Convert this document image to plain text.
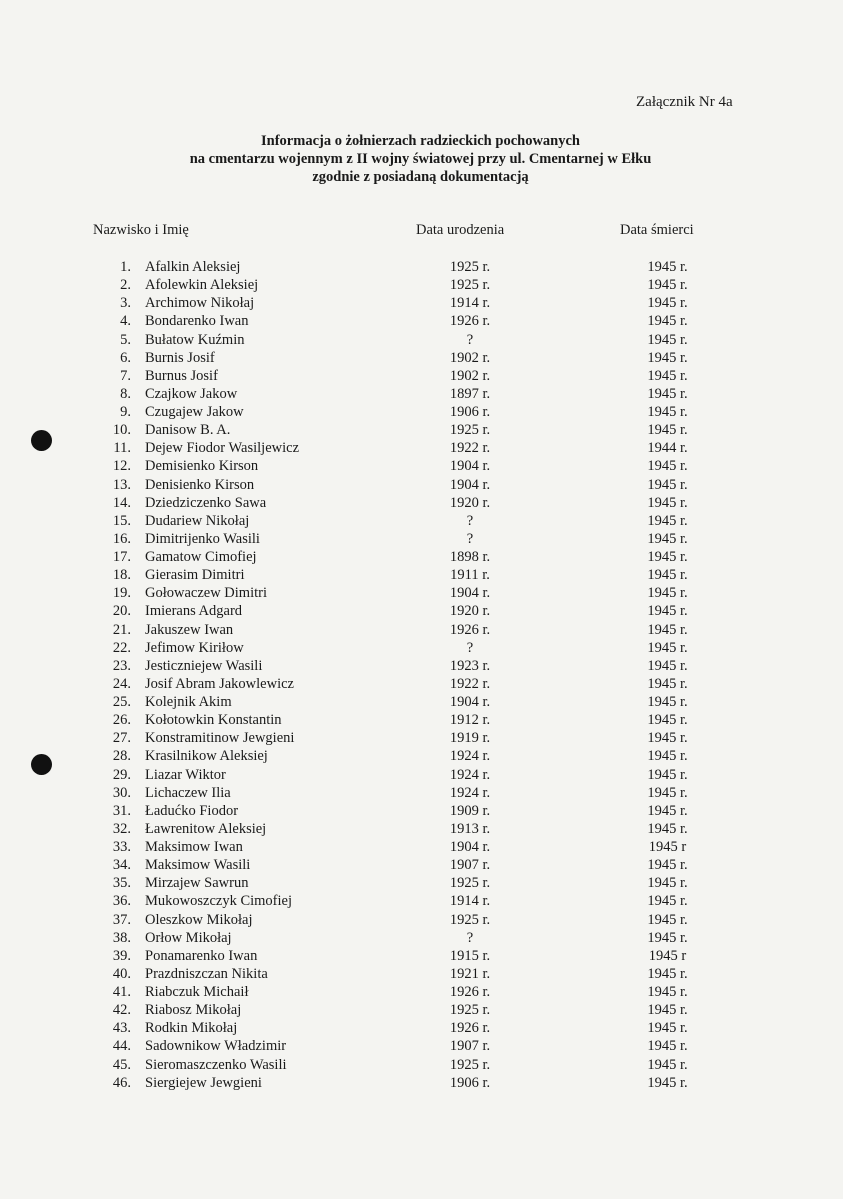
Załącznik Nr 4a
Informacja o żołnierzach radzieckich pochowanych
na cmentarzu wojennym z II wojny światowej przy ul. Cmentarnej w Ełku
zgodnie z posiadaną dokumentacją
Nazwisko i Imię	Data urodzenia	Data śmierci
1. Afalkin Aleksiej	1925 r.	1945 r.
2. Afolewkin Aleksiej	1925 r.	1945 r.
3. Archimow Nikołaj	1914 r.	1945 r.
4. Bondarenko Iwan	1926 r.	1945 r.
5. Bułatow Kuźmin	?	1945 r.
6. Burnis Josif	1902 r.	1945 r.
7. Burnus Josif	1902 r.	1945 r.
8. Czajkow Jakow	1897 r.	1945 r.
9. Czugajew Jakow	1906 r.	1945 r.
10. Danisow B. A.	1925 r.	1945 r.
11. Dejew Fiodor Wasiljewicz	1922 r.	1944 r.
12. Demisienko Kirson	1904 r.	1945 r.
13. Denisienko Kirson	1904 r.	1945 r.
14. Dziedziczenko Sawa	1920 r.	1945 r.
15. Dudariew Nikołaj	?	1945 r.
16. Dimitrijenko Wasili	?	1945 r.
17. Gamatow Cimofiej	1898 r.	1945 r.
18. Gierasim Dimitri	1911 r.	1945 r.
19. Gołowaczew Dimitri	1904 r.	1945 r.
20. Imierans Adgard	1920 r.	1945 r.
21. Jakuszew Iwan	1926 r.	1945 r.
22. Jefimow Kiriłow	?	1945 r.
23. Jesticzniejew Wasili	1923 r.	1945 r.
24. Josif Abram Jakowlewicz	1922 r.	1945 r.
25. Kolejnik Akim	1904 r.	1945 r.
26. Kołotowkin Konstantin	1912 r.	1945 r.
27. Konstramitinow Jewgieni	1919 r.	1945 r.
28. Krasilnikow Aleksiej	1924 r.	1945 r.
29. Liazar Wiktor	1924 r.	1945 r.
30. Lichaczew Ilia	1924 r.	1945 r.
31. Ładućko Fiodor	1909 r.	1945 r.
32. Ławrenitow Aleksiej	1913 r.	1945 r.
33. Maksimow Iwan	1904 r.	1945 r
34. Maksimow Wasili	1907 r.	1945 r.
35. Mirzajew Sawrun	1925 r.	1945 r.
36. Mukowoszczyk Cimofiej	1914 r.	1945 r.
37. Oleszkow Mikołaj	1925 r.	1945 r.
38. Orłow Mikołaj	?	1945 r.
39. Ponamarenko Iwan	1915 r.	1945 r
40. Prazdniszczan Nikita	1921 r.	1945 r.
41. Riabczuk Michaił	1926 r.	1945 r.
42. Riabosz Mikołaj	1925 r.	1945 r.
43. Rodkin Mikołaj	1926 r.	1945 r.
44. Sadownikow Władzimir	1907 r.	1945 r.
45. Sieromaszczenko Wasili	1925 r.	1945 r.
46. Siergiejew Jewgieni	1906 r.	1945 r.
